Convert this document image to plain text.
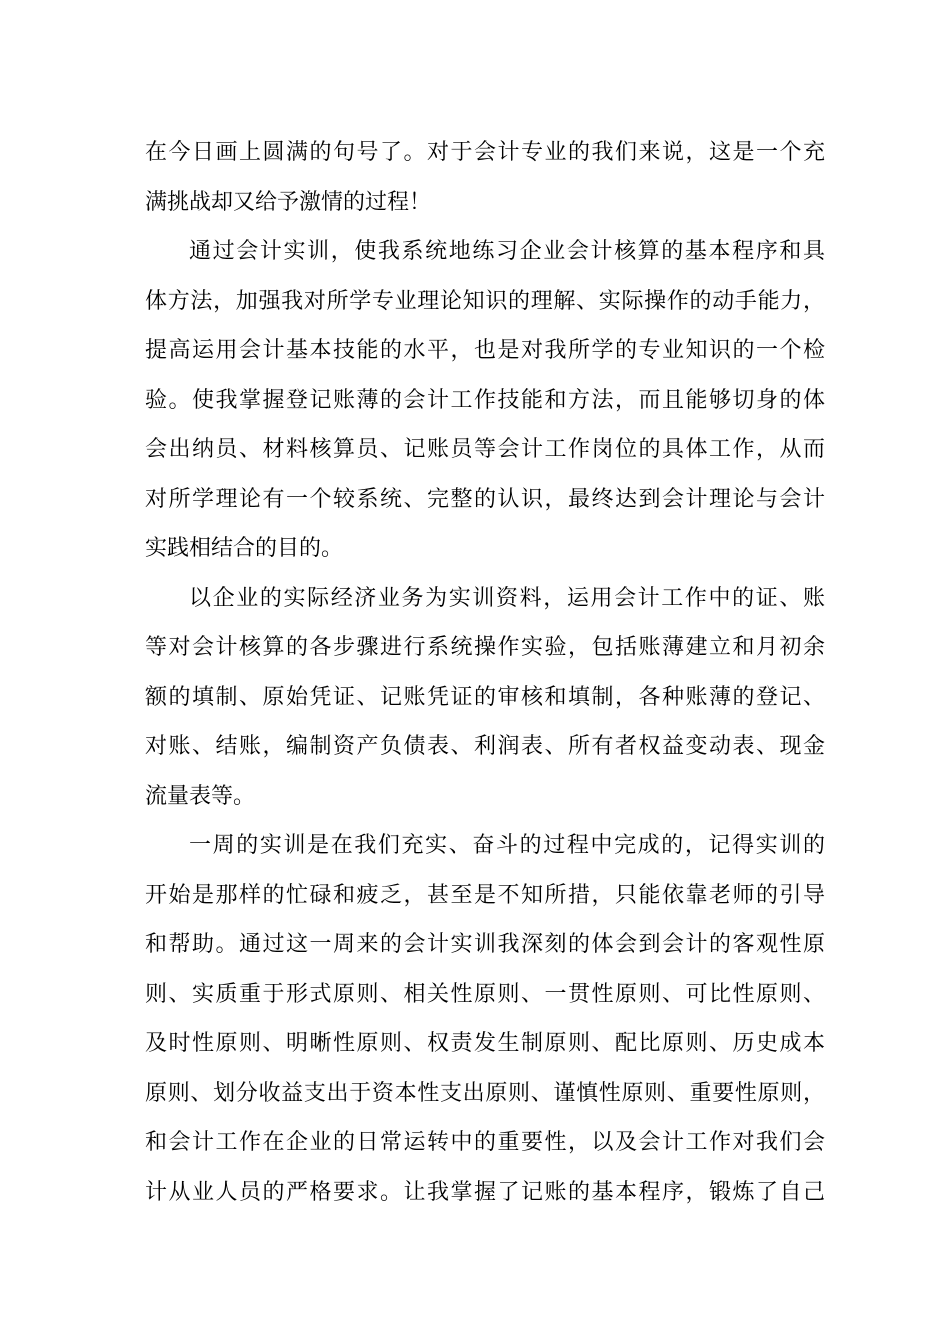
在今日画上圆满的句号了。对于会计专业的我们来说，这是一个充
满挑战却又给予激情的过程！
通过会计实训，使我系统地练习企业会计核算的基本程序和具
体方法，加强我对所学专业理论知识的理解、实际操作的动手能力，
提高运用会计基本技能的水平，也是对我所学的专业知识的一个检
验。使我掌握登记账薄的会计工作技能和方法，而且能够切身的体
会出纳员、材料核算员、记账员等会计工作岗位的具体工作，从而
对所学理论有一个较系统、完整的认识，最终达到会计理论与会计
实践相结合的目的。
以企业的实际经济业务为实训资料，运用会计工作中的证、账
等对会计核算的各步骤进行系统操作实验，包括账薄建立和月初余
额的填制、原始凭证、记账凭证的审核和填制，各种账薄的登记、
对账、结账，编制资产负债表、利润表、所有者权益变动表、现金
流量表等。
一周的实训是在我们充实、奋斗的过程中完成的，记得实训的
开始是那样的忙碌和疲乏，甚至是不知所措，只能依靠老师的引导
和帮助。通过这一周来的会计实训我深刻的体会到会计的客观性原
则、实质重于形式原则、相关性原则、一贯性原则、可比性原则、
及时性原则、明晰性原则、权责发生制原则、配比原则、历史成本
原则、划分收益支出于资本性支出原则、谨慎性原则、重要性原则，
和会计工作在企业的日常运转中的重要性，以及会计工作对我们会
计从业人员的严格要求。让我掌握了记账的基本程序，锻炼了自己
